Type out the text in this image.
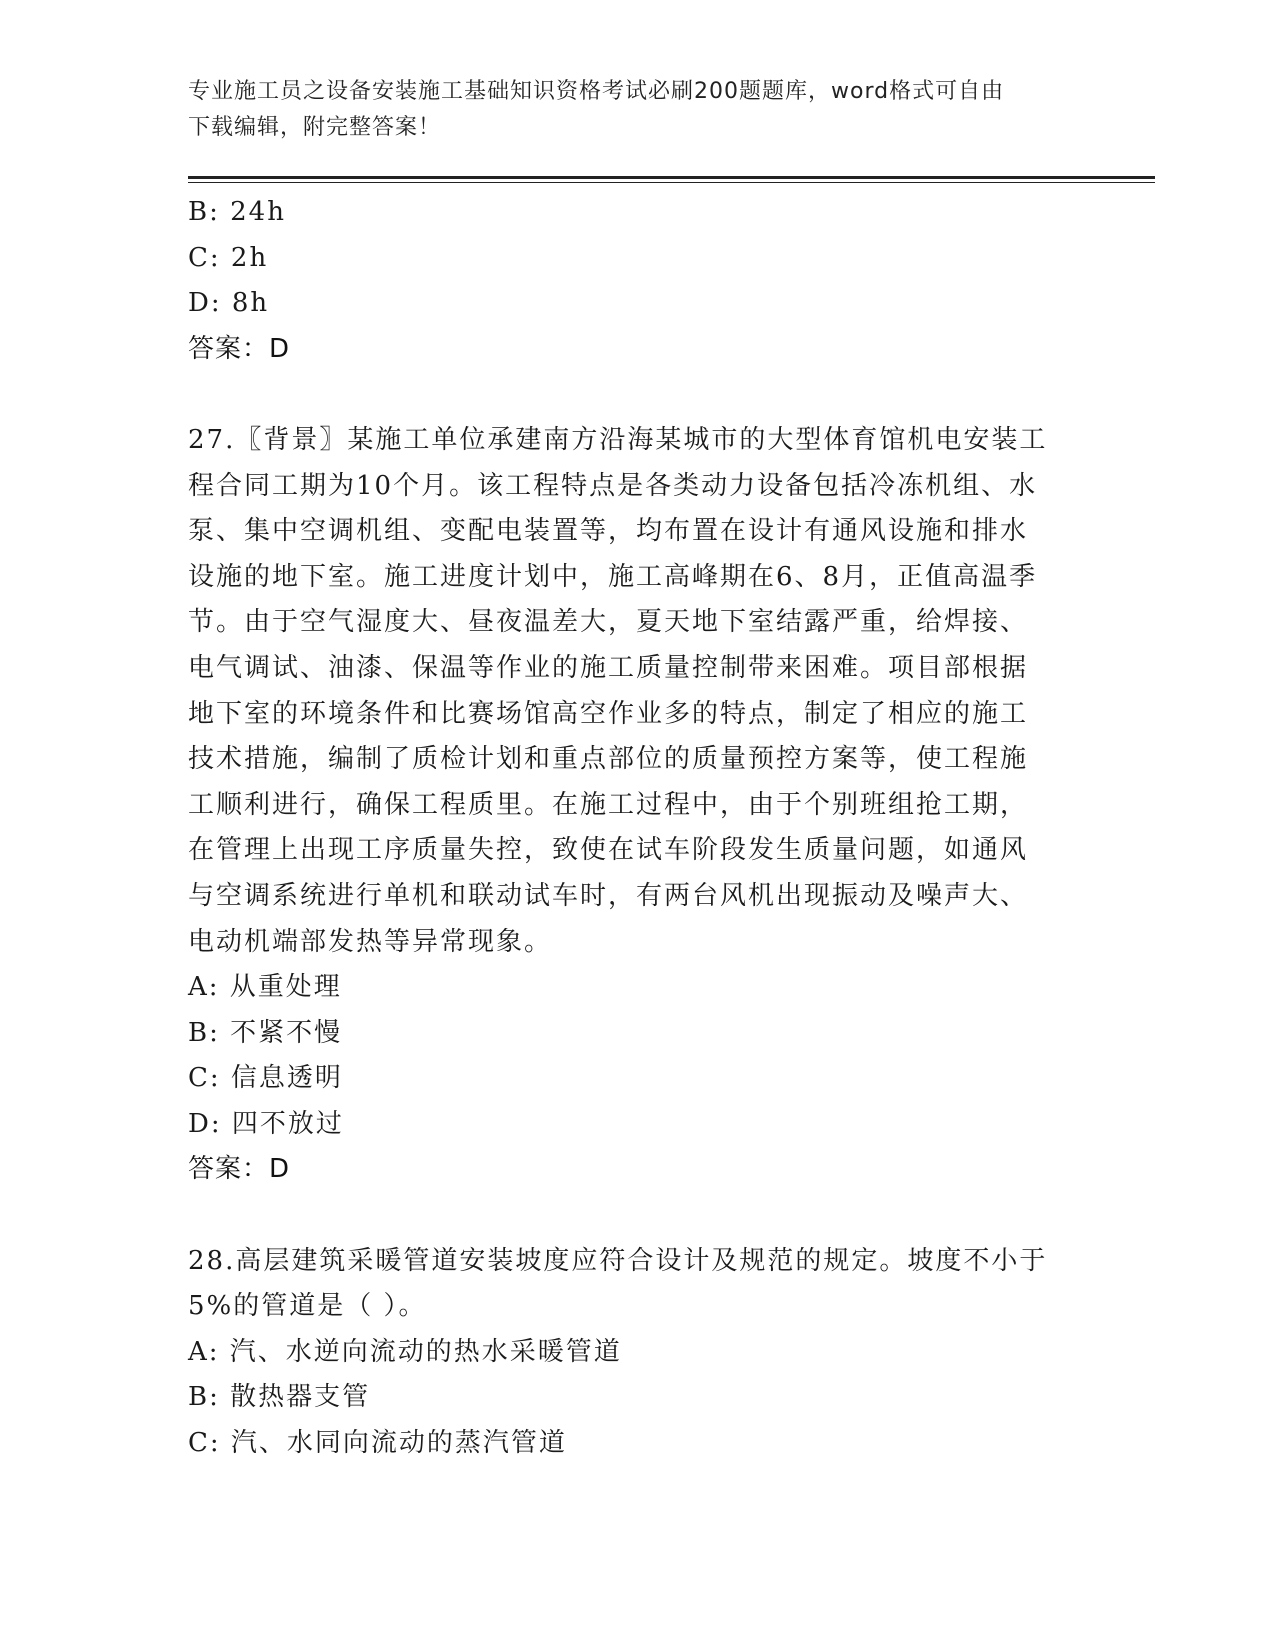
专业施工员之设备安装施工基础知识资格考试必刷200题题库，word格式可自由
下载编辑，附完整答案！
B: 24h
C: 2h
D: 8h
答案：D
27.〖背景〗某施工单位承建南方沿海某城市的大型体育馆机电安装工
程合同工期为10个月。该工程特点是各类动力设备包括冷冻机组、水
泵、集中空调机组、变配电装置等，均布置在设计有通风设施和排水
设施的地下室。施工进度计划中，施工高峰期在6、8月，正值高温季
节。由于空气湿度大、昼夜温差大，夏天地下室结露严重，给焊接、
电气调试、油漆、保温等作业的施工质量控制带来困难。项目部根据
地下室的环境条件和比赛场馆高空作业多的特点，制定了相应的施工
技术措施，编制了质检计划和重点部位的质量预控方案等，使工程施
工顺利进行，确保工程质里。在施工过程中，由于个别班组抢工期，
在管理上出现工序质量失控，致使在试车阶段发生质量问题，如通风
与空调系统进行单机和联动试车时，有两台风机出现振动及噪声大、
电动机端部发热等异常现象。
A: 从重处理
B: 不紧不慢
C: 信息透明
D: 四不放过
答案：D
28.高层建筑采暖管道安装坡度应符合设计及规范的规定。坡度不小于
5%的管道是（ ）。
A: 汽、水逆向流动的热水采暖管道
B: 散热器支管
C: 汽、水同向流动的蒸汽管道
